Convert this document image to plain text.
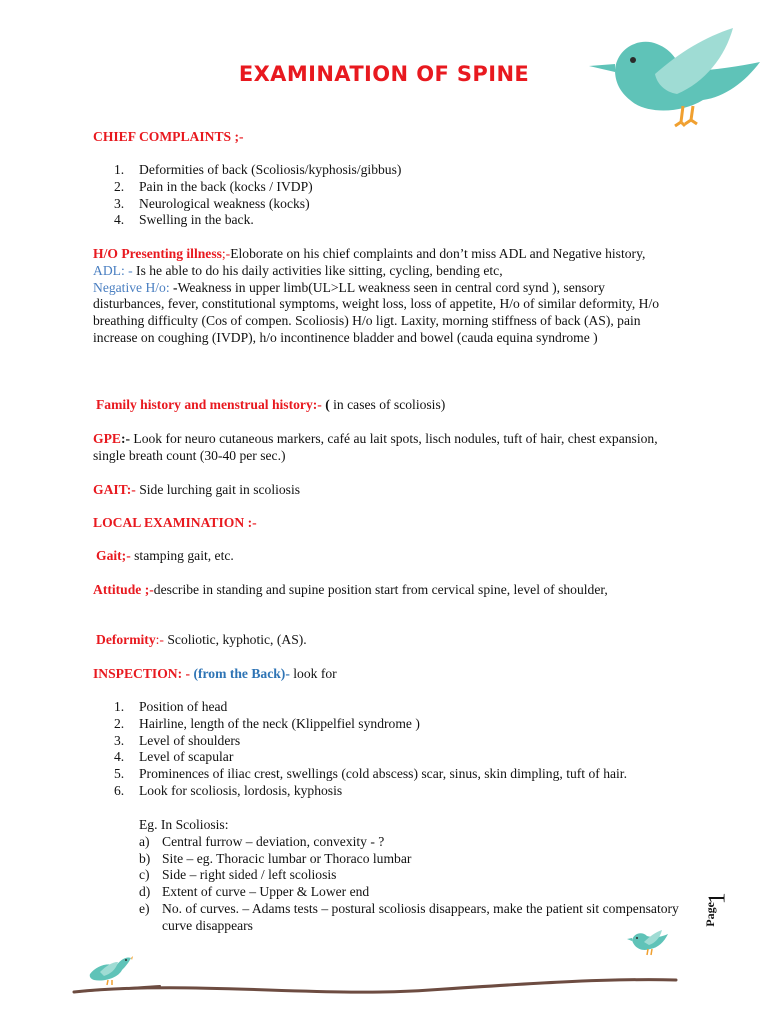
EXAMINATION OF SPINE
CHIEF COMPLAINTS ;-
1.	Deformities of back (Scoliosis/kyphosis/gibbus)
2.	Pain in the back (kocks / IVDP)
3.	Neurological weakness (kocks)
4.	Swelling in the back.
H/O Presenting illness;-Eloborate on his chief complaints and don’t miss ADL and Negative history,
ADL: - Is he able to do his daily activities like sitting, cycling, bending etc,
Negative H/o: -Weakness in upper limb(UL>LL weakness seen in central cord synd ), sensory disturbances, fever, constitutional symptoms, weight loss, loss of appetite, H/o of similar deformity, H/o breathing difficulty (Cos of compen. Scoliosis) H/o ligt. Laxity, morning stiffness of back (AS), pain increase on coughing (IVDP), h/o incontinence bladder and bowel (cauda equina syndrome )
Family history and menstrual history:- ( in cases of scoliosis)
GPE:- Look for neuro cutaneous markers, café au lait spots, lisch nodules, tuft of hair, chest expansion, single breath count (30-40 per sec.)
GAIT:- Side lurching gait in scoliosis
LOCAL EXAMINATION :-
Gait;- stamping gait, etc.
Attitude ;-describe in standing and supine position start from cervical spine, level of shoulder,
Deformity:- Scoliotic, kyphotic, (AS).
INSPECTION: - (from the Back)- look for
1.	Position of head
2.	Hairline, length of the neck (Klippelfiel syndrome )
3.	Level of shoulders
4.	Level of scapular
5.	Prominences of iliac crest, swellings (cold abscess) scar, sinus, skin dimpling, tuft of hair.
6.	Look for scoliosis, lordosis, kyphosis
Eg. In Scoliosis:
a) Central furrow – deviation, convexity - ?
b) Site – eg. Thoracic lumbar or Thoraco lumbar
c) Side – right sided / left scoliosis
d) Extent of curve – Upper & Lower end
e) No. of curves. – Adams tests – postural scoliosis disappears, make the patient sit compensatory curve disappears	Page
1
